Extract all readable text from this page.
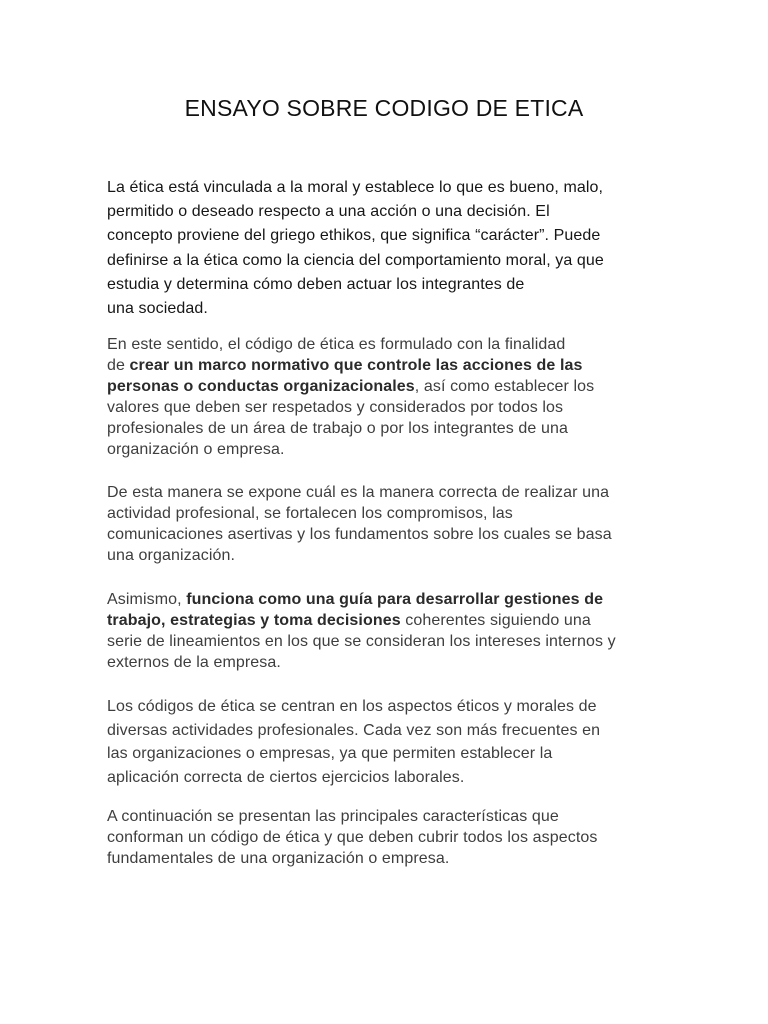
ENSAYO SOBRE CODIGO DE ETICA

La ética está vinculada a la moral y establece lo que es bueno, malo,
permitido o deseado respecto a una acción o una decisión. El
concepto proviene del griego ethikos, que significa “carácter”. Puede
definirse a la ética como la ciencia del comportamiento moral, ya que
estudia y determina cómo deben actuar los integrantes de
una sociedad.

En este sentido, el código de ética es formulado con la finalidad
de crear un marco normativo que controle las acciones de las
personas o conductas organizacionales, así como establecer los
valores que deben ser respetados y considerados por todos los
profesionales de un área de trabajo o por los integrantes de una
organización o empresa.

De esta manera se expone cuál es la manera correcta de realizar una
actividad profesional, se fortalecen los compromisos, las
comunicaciones asertivas y los fundamentos sobre los cuales se basa
una organización.

Asimismo, funciona como una guía para desarrollar gestiones de
trabajo, estrategias y toma decisiones coherentes siguiendo una
serie de lineamientos en los que se consideran los intereses internos y
externos de la empresa.

Los códigos de ética se centran en los aspectos éticos y morales de
diversas actividades profesionales. Cada vez son más frecuentes en
las organizaciones o empresas, ya que permiten establecer la
aplicación correcta de ciertos ejercicios laborales.

A continuación se presentan las principales características que
conforman un código de ética y que deben cubrir todos los aspectos
fundamentales de una organización o empresa.
